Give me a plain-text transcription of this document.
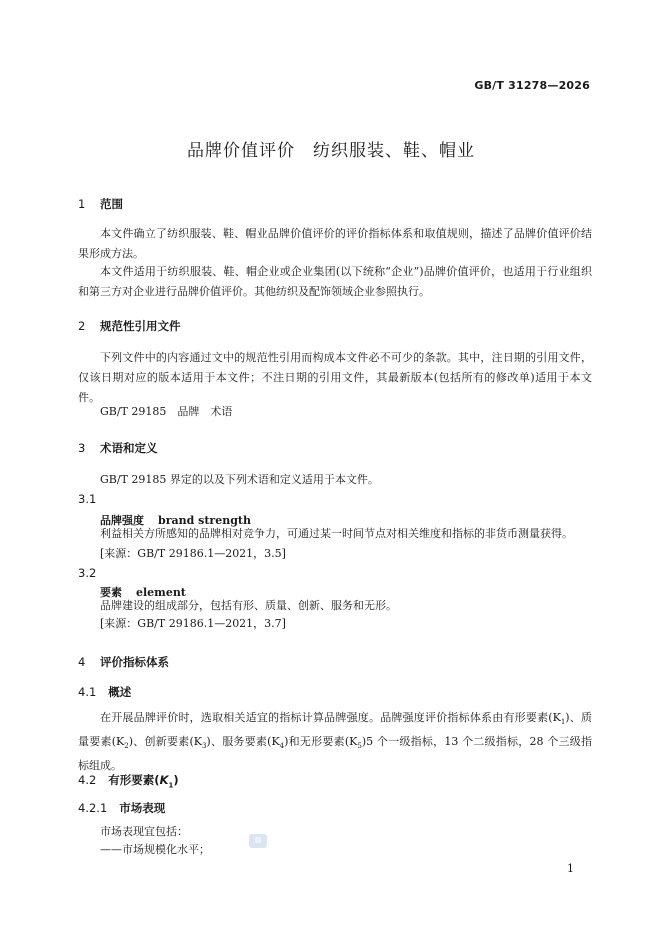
GB/T 31278—2026
品牌价值评价　纺织服装、鞋、帽业
1 范围
本文件确立了纺织服装、鞋、帽业品牌价值评价的评价指标体系和取值规则，描述了品牌价值评价结果形成方法。
本文件适用于纺织服装、鞋、帽企业或企业集团(以下统称“企业”)品牌价值评价，也适用于行业组织和第三方对企业进行品牌价值评价。其他纺织及配饰领域企业参照执行。
2 规范性引用文件
下列文件中的内容通过文中的规范性引用而构成本文件必不可少的条款。其中，注日期的引用文件，仅该日期对应的版本适用于本文件；不注日期的引用文件，其最新版本(包括所有的修改单)适用于本文件。
GB/T 29185　品牌　术语
3 术语和定义
GB/T 29185 界定的以及下列术语和定义适用于本文件。
3.1
品牌强度 brand strength
利益相关方所感知的品牌相对竞争力，可通过某一时间节点对相关维度和指标的非货币测量获得。
[来源：GB/T 29186.1—2021，3.5]
3.2
要素 element
品牌建设的组成部分，包括有形、质量、创新、服务和无形。
[来源：GB/T 29186.1—2021，3.7]
4 评价指标体系
4.1 概述
在开展品牌评价时，选取相关适宜的指标计算品牌强度。品牌强度评价指标体系由有形要素$(K_1)$、质量要素$(K_2)$、创新要素$(K_3)$、服务要素$(K_4)$和无形要素$(K_5)5$ 个一级指标，13 个二级指标，28 个三级指标组成。
4.2 有形要素$(K_1)$
4.2.1 市场表现
市场表现宜包括：
——市场规模化水平；
▤
1
